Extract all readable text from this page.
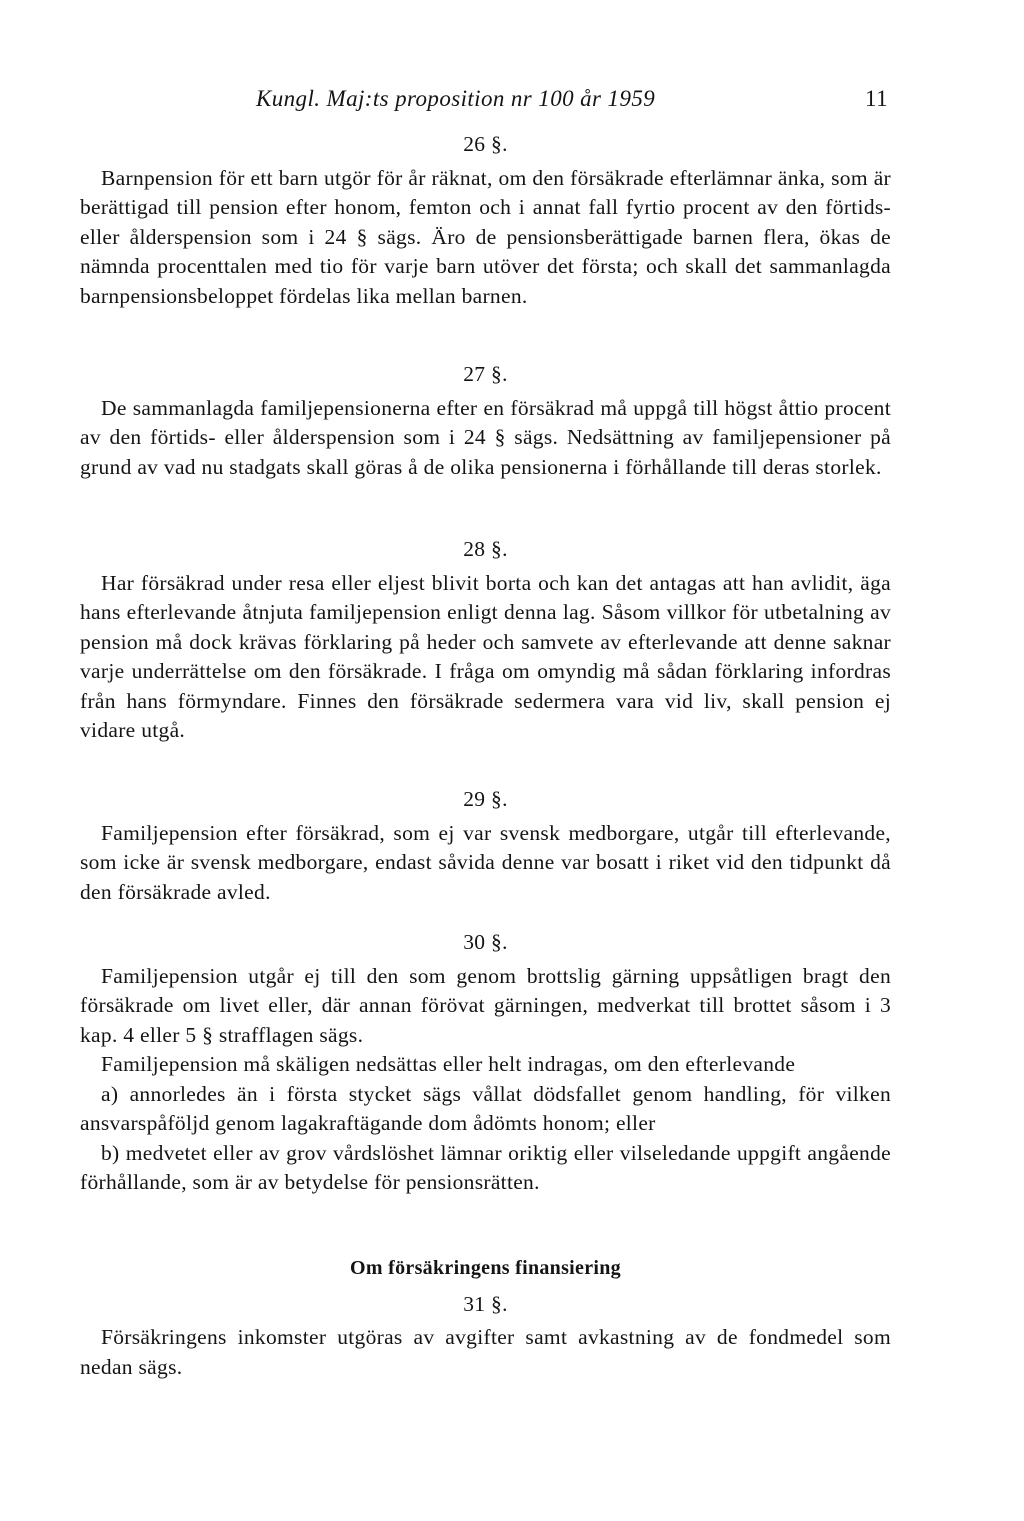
Kungl. Maj:ts proposition nr 100 år 1959	11
26 §.

Barnpension för ett barn utgör för år räknat, om den försäkrade efterlämnar änka, som är berättigad till pension efter honom, femton och i annat fall fyrtio procent av den förtids- eller ålderspension som i 24 § sägs. Äro de pensionsberättigade barnen flera, ökas de nämnda procenttalen med tio för varje barn utöver det första; och skall det sammanlagda barnpensionsbeloppet fördelas lika mellan barnen.

27 §.

De sammanlagda familjepensionerna efter en försäkrad må uppgå till högst åttio procent av den förtids- eller ålderspension som i 24 § sägs. Nedsättning av familjepensioner på grund av vad nu stadgats skall göras å de olika pensionerna i förhållande till deras storlek.

28 §.

Har försäkrad under resa eller eljest blivit borta och kan det antagas att han avlidit, äga hans efterlevande åtnjuta familjepension enligt denna lag. Såsom villkor för utbetalning av pension må dock krävas förklaring på heder och samvete av efterlevande att denne saknar varje underrättelse om den försäkrade. I fråga om omyndig må sådan förklaring infordras från hans förmyndare. Finnes den försäkrade sedermera vara vid liv, skall pension ej vidare utgå.

29 §.

Familjepension efter försäkrad, som ej var svensk medborgare, utgår till efterlevande, som icke är svensk medborgare, endast såvida denne var bosatt i riket vid den tidpunkt då den försäkrade avled.

30 §.

Familjepension utgår ej till den som genom brottslig gärning uppsåtligen bragt den försäkrade om livet eller, där annan förövat gärningen, medverkat till brottet såsom i 3 kap. 4 eller 5 § strafflagen sägs.

Familjepension må skäligen nedsättas eller helt indragas, om den efterlevande

a) annorledes än i första stycket sägs vållat dödsfallet genom handling, för vilken ansvarspåföljd genom lagakraftägande dom ådömts honom; eller

b) medvetet eller av grov vårdslöshet lämnar oriktig eller vilseledande uppgift angående förhållande, som är av betydelse för pensionsrätten.

Om försäkringens finansiering
31 §.

Försäkringens inkomster utgöras av avgifter samt avkastning av de fondmedel som nedan sägs.
